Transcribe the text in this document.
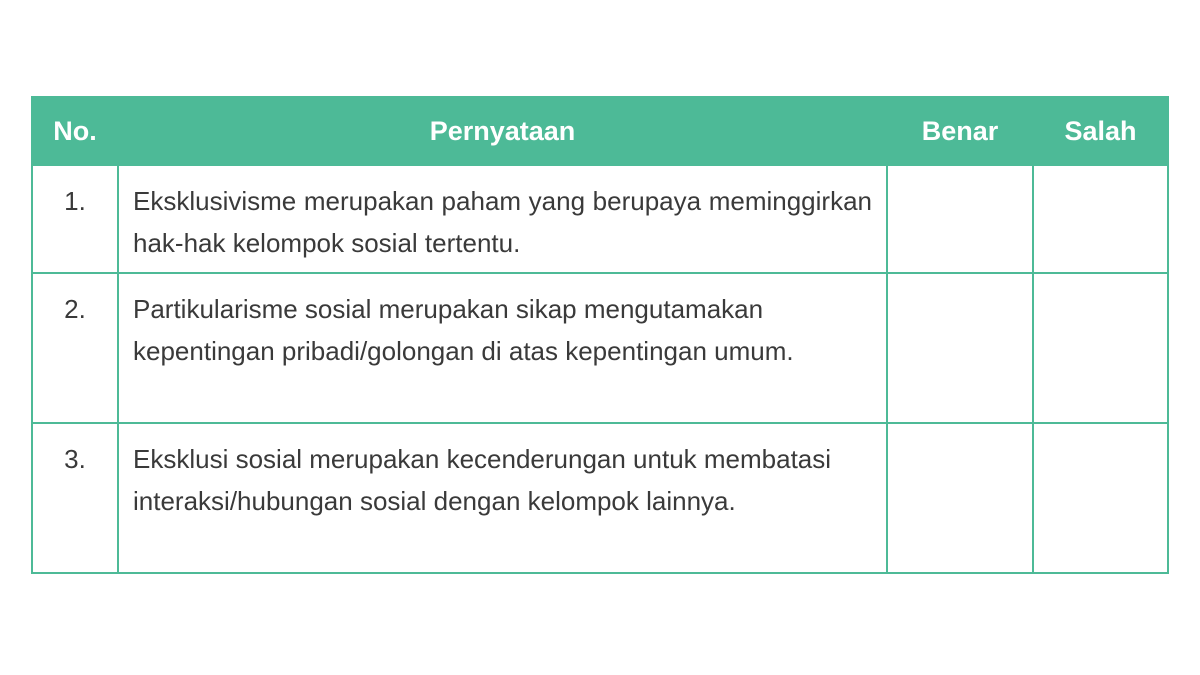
No.	Pernyataan	Benar	Salah
1.	Eksklusivisme merupakan paham yang berupaya meminggirkan hak-hak kelompok sosial tertentu.		
2.	Partikularisme sosial merupakan sikap mengutamakan kepentingan pribadi/golongan di atas kepentingan umum.		
3.	Eksklusi sosial merupakan kecenderungan untuk membatasi interaksi/hubungan sosial dengan kelompok lainnya.		
